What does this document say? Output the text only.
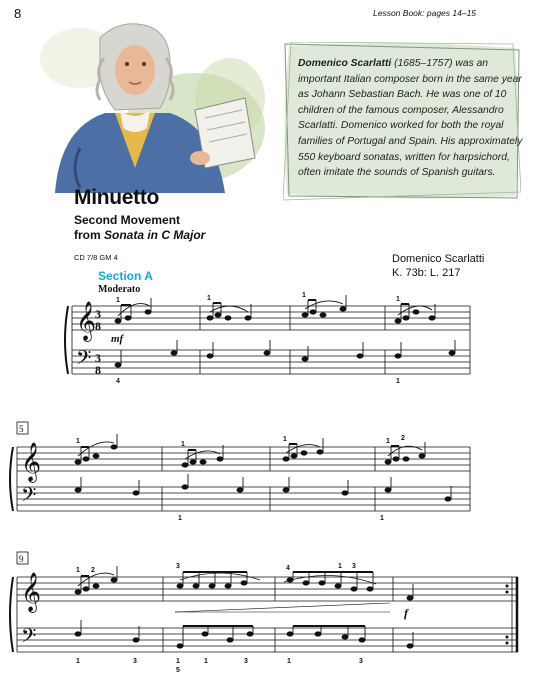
8	Lesson Book: pages 14–15
Domenico Scarlatti (1685–1757) was an important Italian composer born in the same year as Johann Sebastian Bach. He was one of 10 children of the famous composer, Alessandro Scarlatti. Domenico worked for both the royal families of Portugal and Spain. His approximately 550 keyboard sonatas, written for harpsichord, often imitate the sounds of Spanish guitars.
Minuetto
Second Movement
from Sonata in C Major
CD 7/8 GM 4	Domenico Scarlatti
K. 73b: L. 217
Section A
Moderato
𝄞
𝄢
3
8
3
8
1	1	1
1
4	1
mf
5
𝄞
𝄢
1	1
1	1 2
1	1
9
𝄞
𝄢
1 2
3	4	1 3
1	3	1
5
1	3	1	3
f
